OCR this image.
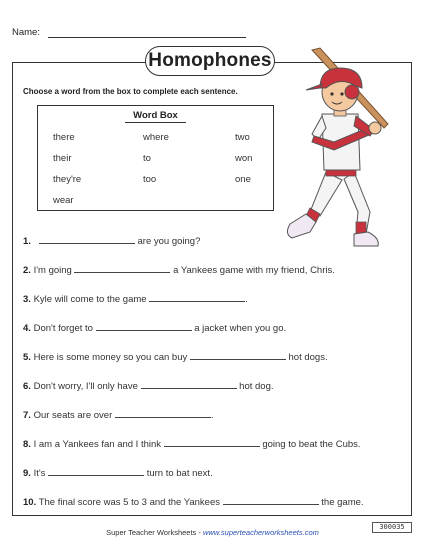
Name:
Homophones
Choose a word from the box to complete each sentence.
Word Box
there	where	two
their	to	won
they're	too	one
wear
1.	are you going?
2. I'm going	a Yankees game with my friend, Chris.
3. Kyle will come to the game	.
4. Don't forget to	a jacket when you go.
5. Here is some money so you can buy	hot dogs.
6. Don't worry, I'll only have	hot dog.
7. Our seats are over	.
8. I am a Yankees fan and I think	going to beat the Cubs.
9. It's	turn to bat next.
10. The final score was 5 to 3 and the Yankees	the game.
Super Teacher Worksheets - www.superteacherworksheets.com
300035
